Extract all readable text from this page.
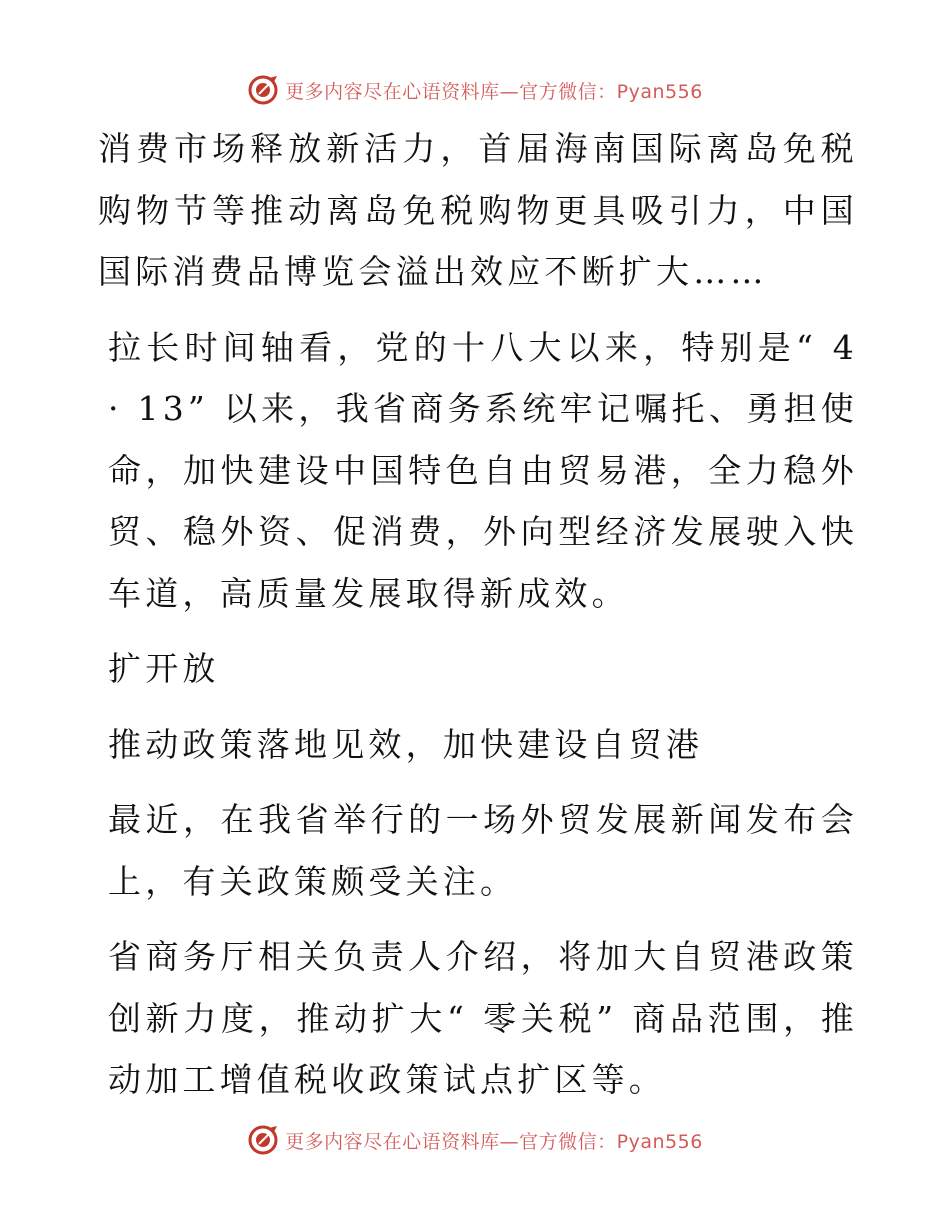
更多内容尽在心语资料库—官方微信：Pyan556

消费市场释放新活力，首届海南国际离岛免税购物节等推动离岛免税购物更具吸引力，中国国际消费品博览会溢出效应不断扩大……

拉长时间轴看，党的十八大以来，特别是“ 4 · 13” 以来，我省商务系统牢记嘱托、勇担使命，加快建设中国特色自由贸易港，全力稳外贸、稳外资、促消费，外向型经济发展驶入快车道，高质量发展取得新成效。

扩开放

推动政策落地见效，加快建设自贸港

最近，在我省举行的一场外贸发展新闻发布会上，有关政策颇受关注。

省商务厅相关负责人介绍，将加大自贸港政策创新力度，推动扩大“ 零关税” 商品范围，推动加工增值税收政策试点扩区等。

更多内容尽在心语资料库—官方微信：Pyan556
